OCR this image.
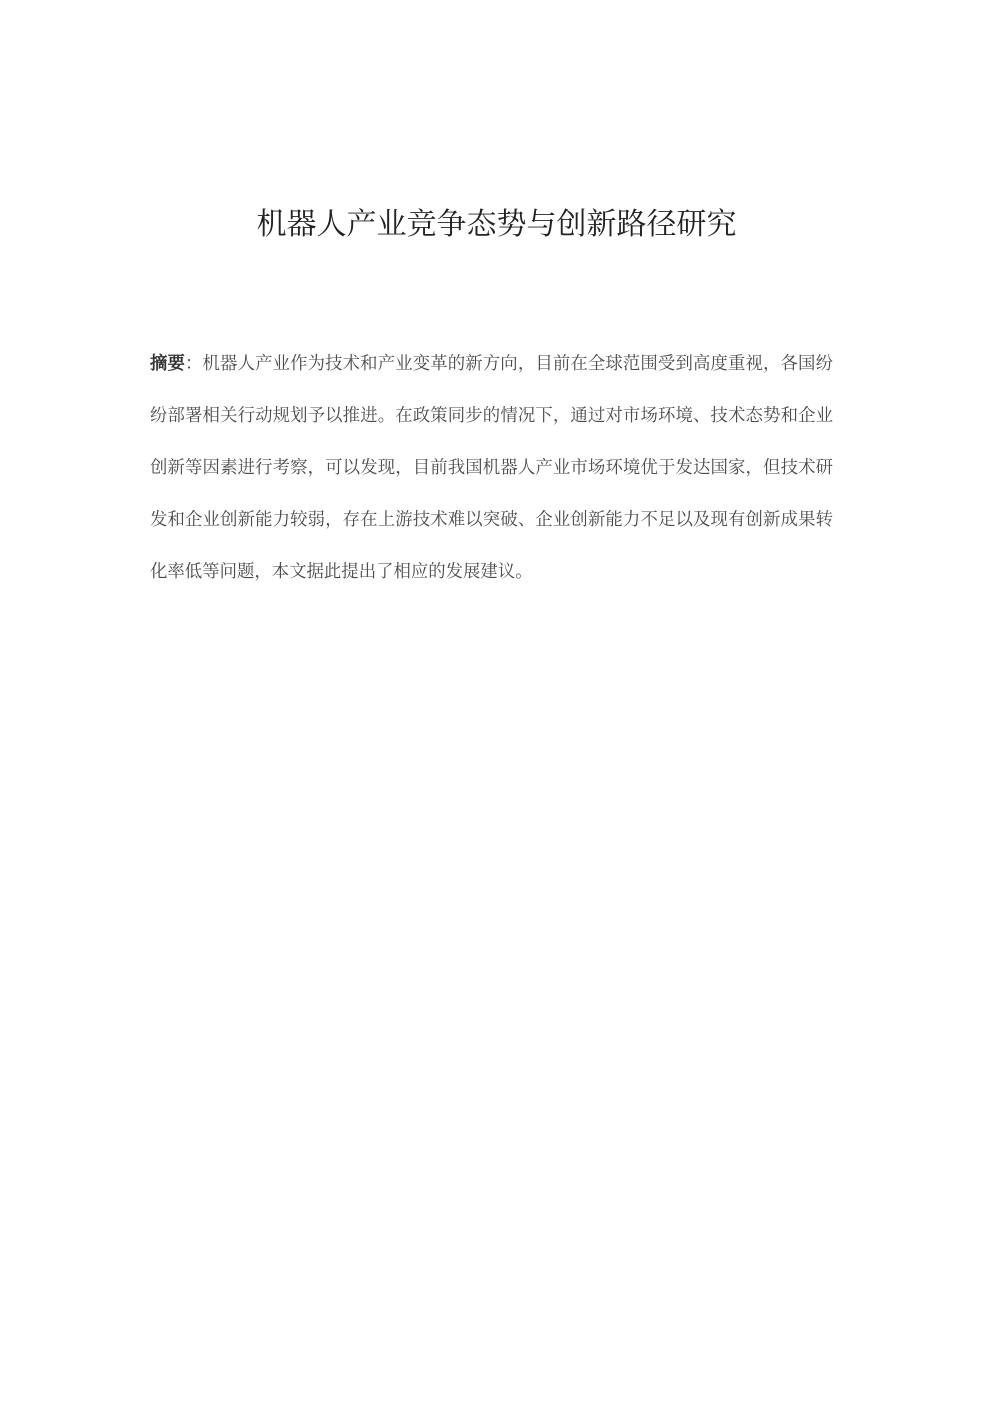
机器人产业竞争态势与创新路径研究

摘要：机器人产业作为技术和产业变革的新方向，目前在全球范围受到高度重视，各国纷纷部署相关行动规划予以推进。在政策同步的情况下，通过对市场环境、技术态势和企业创新等因素进行考察，可以发现，目前我国机器人产业市场环境优于发达国家，但技术研发和企业创新能力较弱，存在上游技术难以突破、企业创新能力不足以及现有创新成果转化率低等问题，本文据此提出了相应的发展建议。
